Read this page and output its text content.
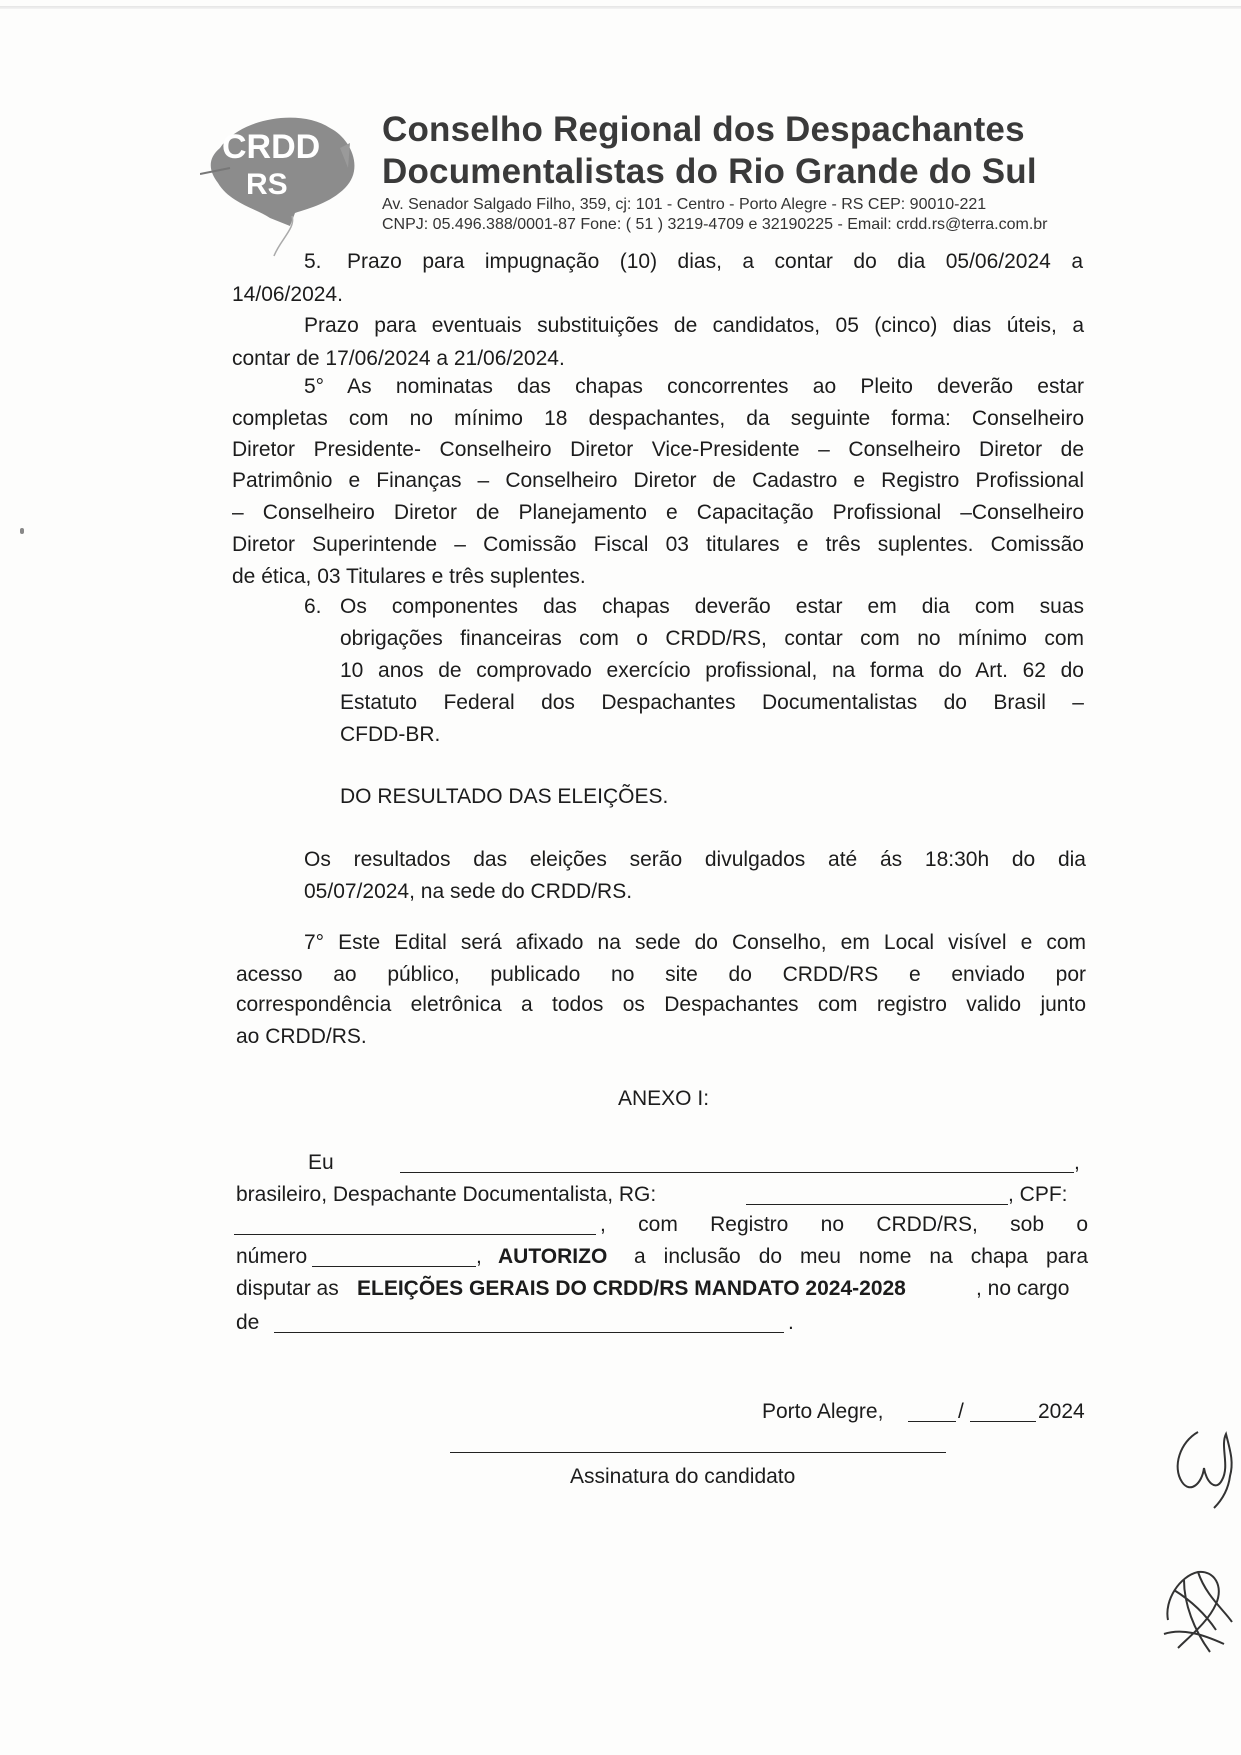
CRDD
RS
Conselho Regional dos Despachantes
Documentalistas do Rio Grande do Sul
Av. Senador Salgado Filho, 359, cj: 101 - Centro - Porto Alegre - RS CEP: 90010-221
CNPJ: 05.496.388/0001-87 Fone: ( 51 ) 3219-4709 e 32190225 - Email: crdd.rs@terra.com.br
5. Prazo para impugnação (10) dias, a contar do dia 05/06/2024 a
14/06/2024.
Prazo para eventuais substituições de candidatos, 05 (cinco) dias úteis, a
contar de 17/06/2024 a 21/06/2024.
5° As nominatas das chapas concorrentes ao Pleito deverão estar
completas com no mínimo 18 despachantes, da seguinte forma: Conselheiro
Diretor Presidente- Conselheiro Diretor Vice-Presidente – Conselheiro Diretor de
Patrimônio e Finanças – Conselheiro Diretor de Cadastro e Registro Profissional
– Conselheiro Diretor de Planejamento e Capacitação Profissional –Conselheiro
Diretor Superintende – Comissão Fiscal 03 titulares e três suplentes. Comissão
de ética, 03 Titulares e três suplentes.
6. Os componentes das chapas deverão estar em dia com suas
obrigações financeiras com o CRDD/RS, contar com no mínimo com
10 anos de comprovado exercício profissional, na forma do Art. 62 do
Estatuto Federal dos Despachantes Documentalistas do Brasil –
CFDD-BR.
DO RESULTADO DAS ELEIÇÕES.
Os resultados das eleições serão divulgados até ás 18:30h do dia
05/07/2024, na sede do CRDD/RS.
7° Este Edital será afixado na sede do Conselho, em Local visível e com
acesso ao público, publicado no site do CRDD/RS e enviado por
correspondência eletrônica a todos os Despachantes com registro valido junto
ao CRDD/RS.
ANEXO I:
Eu	,
brasileiro, Despachante Documentalista, RG:	, CPF:
, com Registro no CRDD/RS, sob o
número	, AUTORIZO a inclusão do meu nome na chapa para
disputar as ELEIÇÕES GERAIS DO CRDD/RS MANDATO 2024-2028	, no cargo
de	.
Porto Alegre,	/	2024
Assinatura do candidato
